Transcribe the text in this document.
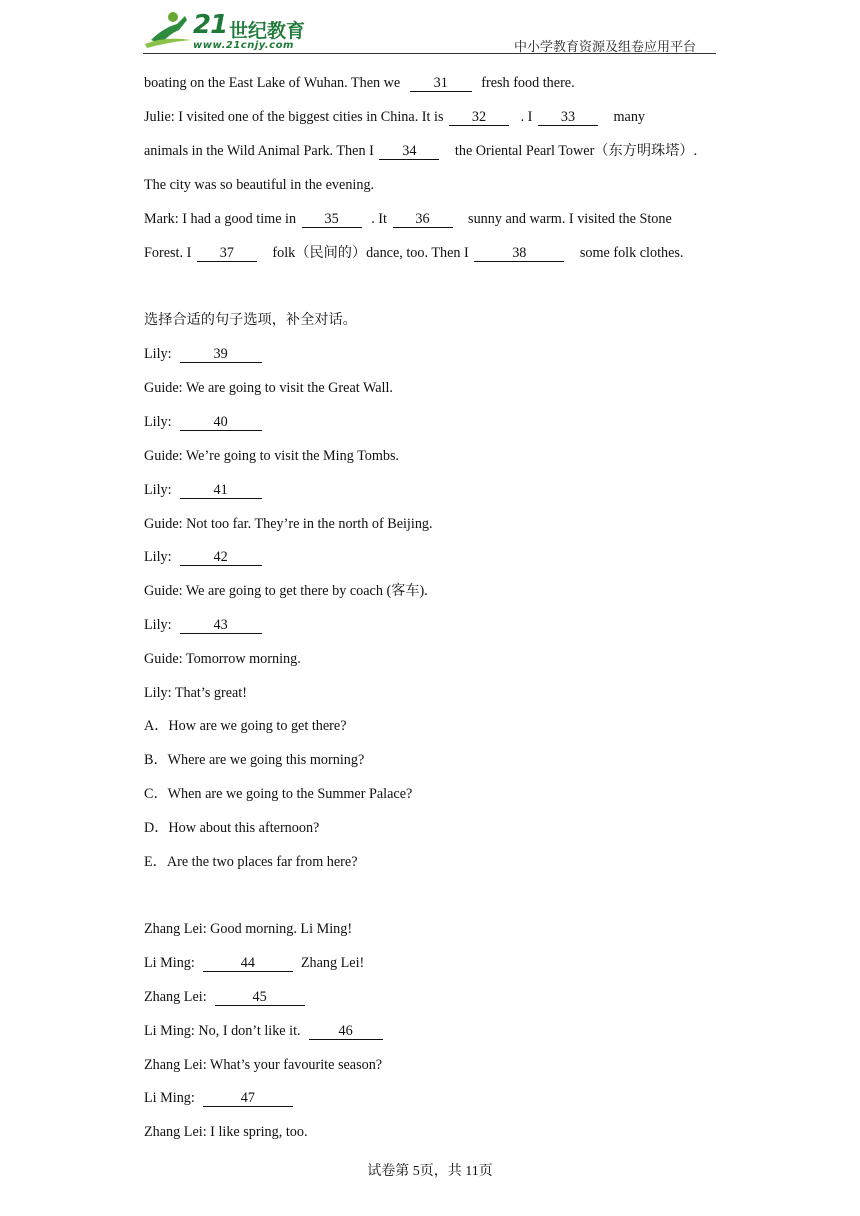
21 世纪教育
www.21cnjy.com	中小学教育资源及组卷应用平台
boating on the East Lake of Wuhan. Then we 31 fresh food there.
Julie: I visited one of the biggest cities in China. It is 32 . I 33	many
animals in the Wild Animal Park. Then I 34	the Oriental Pearl Tower（东方明珠塔）.
The city was so beautiful in the evening.
Mark: I had a good time in 35 . It 36	sunny and warm. I visited the Stone
Forest. I 37	folk（民间的）dance, too. Then I	38	some folk clothes.
选择合适的句子选项，补全对话。
Lily:	39
Guide: We are going to visit the Great Wall.
Lily:	40
Guide: We’re going to visit the Ming Tombs.
Lily:	41
Guide: Not too far. They’re in the north of Beijing.
Lily:	42
Guide: We are going to get there by coach (客车).
Lily:	43
Guide: Tomorrow morning.
Lily: That’s great!
A．How are we going to get there?
B．Where are we going this morning?
C．When are we going to the Summer Palace?
D．How about this afternoon?
E．Are the two places far from here?
Zhang Lei: Good morning. Li Ming!
Li Ming:	44	Zhang Lei!
Zhang Lei:	45
Li Ming: No, I don’t like it.	46
Zhang Lei: What’s your favourite season?
Li Ming:	47
Zhang Lei: I like spring, too.
试卷第 5页，共 11页
